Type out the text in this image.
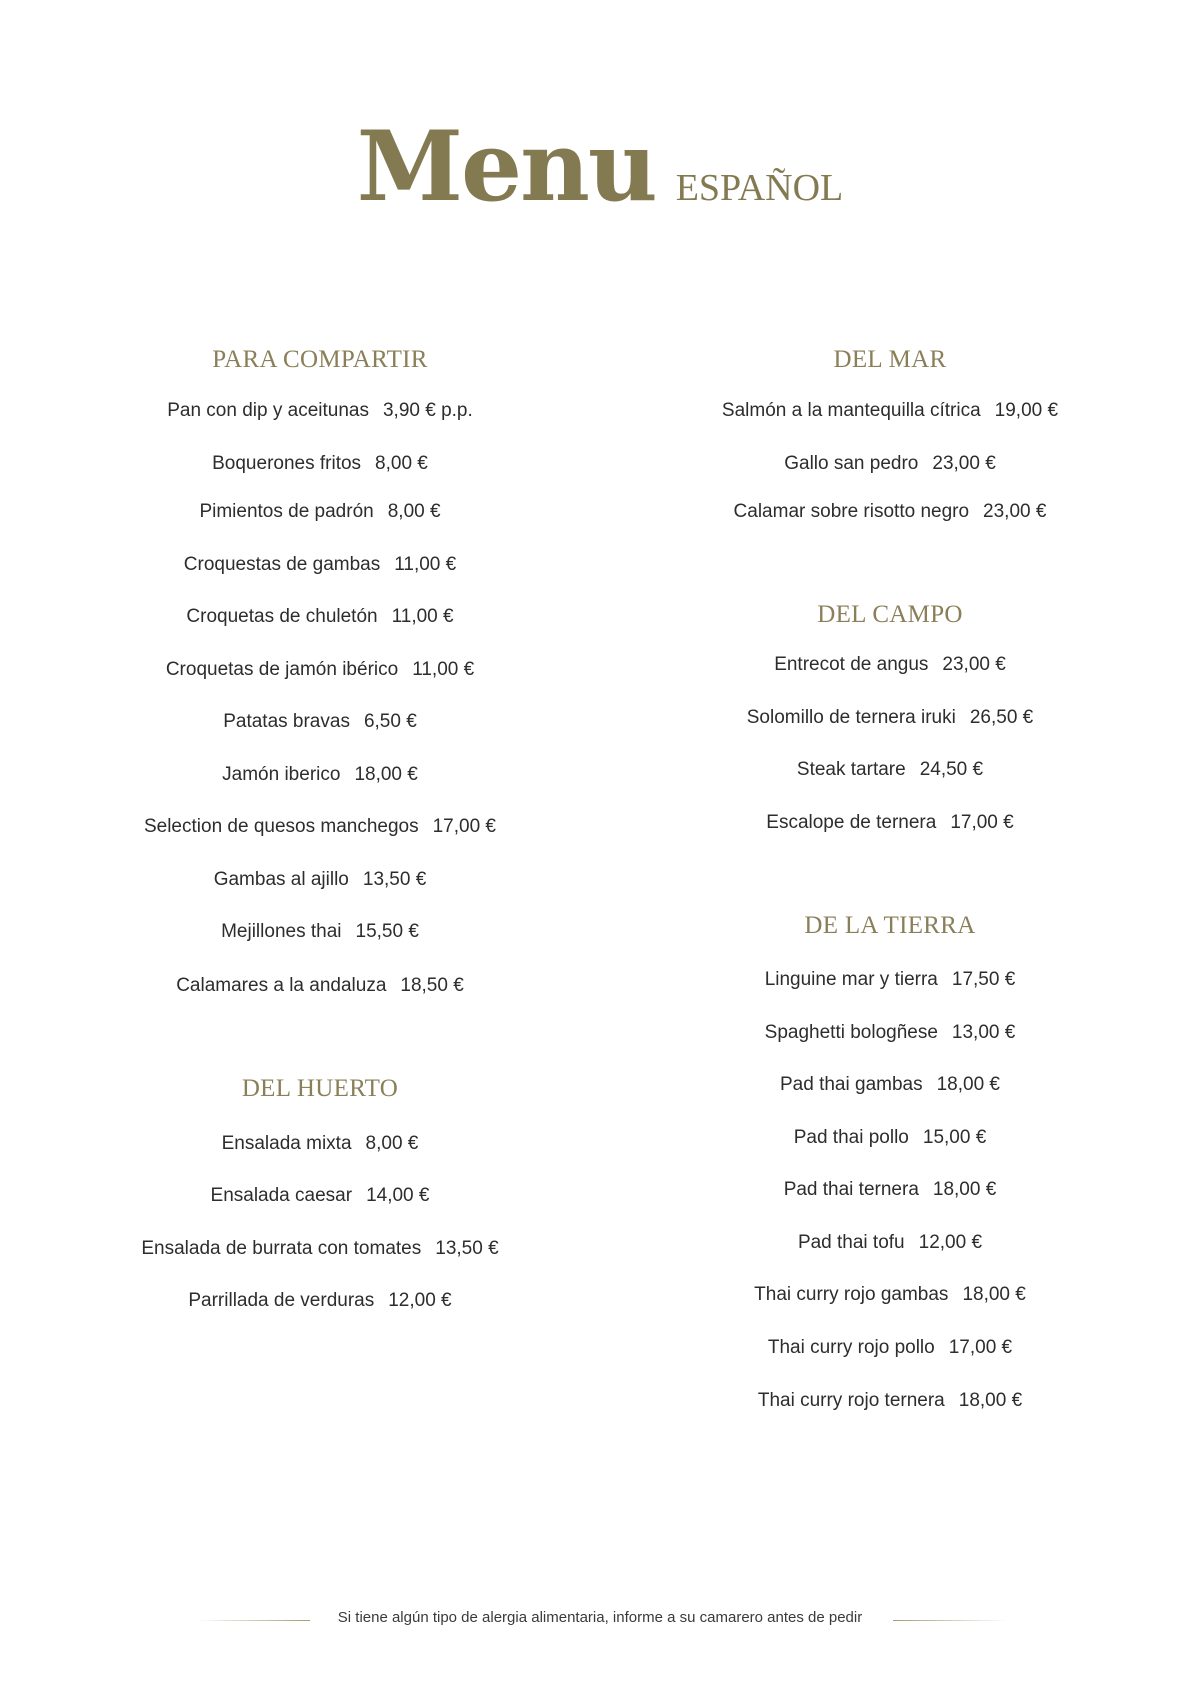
Menu ESPAÑOL
PARA COMPARTIR
Pan con dip y aceitunas 3,90 € p.p.
Boquerones fritos 8,00 €
Pimientos de padrón 8,00 €
Croquestas de gambas 11,00 €
Croquetas de chuletón 11,00 €
Croquetas de jamón ibérico 11,00 €
Patatas bravas 6,50 €
Jamón iberico 18,00 €
Selection de quesos manchegos 17,00 €
Gambas al ajillo 13,50 €
Mejillones thai 15,50 €
Calamares a la andaluza 18,50 €
DEL HUERTO
Ensalada mixta 8,00 €
Ensalada caesar 14,00 €
Ensalada de burrata con tomates 13,50 €
Parrillada de verduras 12,00 €
DEL MAR
Salmón a la mantequilla cítrica 19,00 €
Gallo san pedro 23,00 €
Calamar sobre risotto negro 23,00 €
DEL CAMPO
Entrecot de angus 23,00 €
Solomillo de ternera iruki 26,50 €
Steak tartare 24,50 €
Escalope de ternera 17,00 €
DE LA TIERRA
Linguine mar y tierra 17,50 €
Spaghetti bologñese 13,00 €
Pad thai gambas 18,00 €
Pad thai pollo 15,00 €
Pad thai ternera 18,00 €
Pad thai tofu 12,00 €
Thai curry rojo gambas 18,00 €
Thai curry rojo pollo 17,00 €
Thai curry rojo ternera 18,00 €
Si tiene algún tipo de alergia alimentaria, informe a su camarero antes de pedir
